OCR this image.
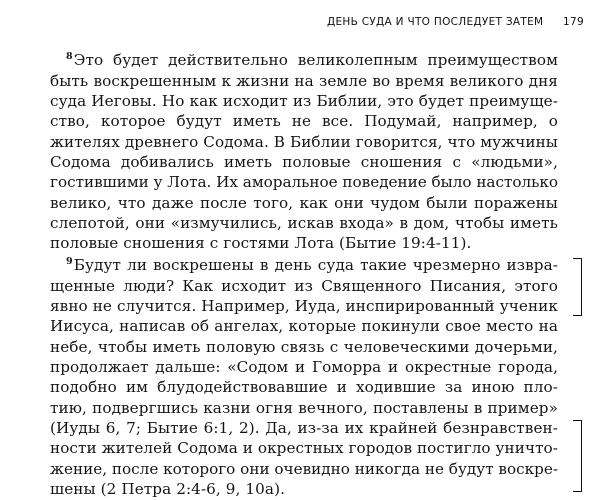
ДЕНЬ СУДА И ЧТО ПОСЛЕДУЕТ ЗАТЕМ 179
$^8$Это будет действительно великолепным преимуществом
быть воскрешенным к жизни на земле во время великого дня
суда Иеговы. Но как исходит из Библии, это будет преимуще-
ство, которое будут иметь не все. Подумай, например, о
жителях древнего Содома. В Библии говорится, что мужчины
Содома добивались иметь половые сношения с «людьми»,
гостившими у Лота. Их аморальное поведение было настолько
велико, что даже после того, как они чудом были поражены
слепотой, они «измучились, искав входа» в дом, чтобы иметь
половые сношения с гостями Лота (Бытие 19:4-11).
$^9$Будут ли воскрешены в день суда такие чрезмерно извра-
щенные люди? Как исходит из Священного Писания, этого
явно не случится. Например, Иуда, инспирированный ученик
Иисуса, написав об ангелах, которые покинули свое место на
небе, чтобы иметь половую связь с человеческими дочерьми,
продолжает дальше: «Содом и Гоморра и окрестные города,
подобно им блудодействовавшие и ходившие за иною пло-
тию, подвергшись казни огня вечного, поставлены в пример»
(Иуды 6, 7; Бытие 6:1, 2). Да, из-за их крайней безнравствен-
ности жителей Содома и окрестных городов постигло уничто-
жение, после которого они очевидно никогда не будут воскре-
шены (2 Петра 2:4-6, 9, 10а).
